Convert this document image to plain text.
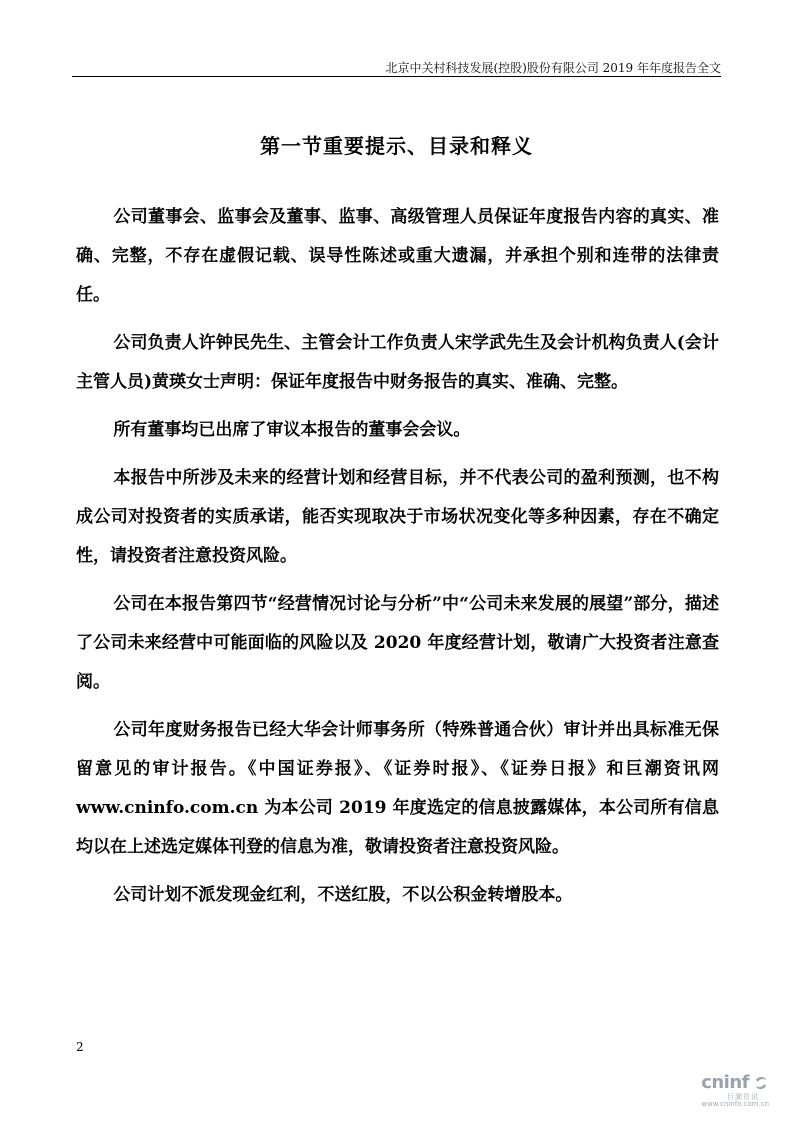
北京中关村科技发展(控股)股份有限公司 2019 年年度报告全文
第一节重要提示、目录和释义

公司董事会、监事会及董事、监事、高级管理人员保证年度报告内容的真实、准确、完整，不存在虚假记载、误导性陈述或重大遗漏，并承担个别和连带的法律责任。

公司负责人许钟民先生、主管会计工作负责人宋学武先生及会计机构负责人(会计主管人员)黄瑛女士声明：保证年度报告中财务报告的真实、准确、完整。

所有董事均已出席了审议本报告的董事会会议。

本报告中所涉及未来的经营计划和经营目标，并不代表公司的盈利预测，也不构成公司对投资者的实质承诺，能否实现取决于市场状况变化等多种因素，存在不确定性，请投资者注意投资风险。

公司在本报告第四节“经营情况讨论与分析”中“公司未来发展的展望”部分，描述了公司未来经营中可能面临的风险以及 2020 年度经营计划，敬请广大投资者注意查阅。

公司年度财务报告已经大华会计师事务所（特殊普通合伙）审计并出具标准无保留意见的审计报告。《中国证券报》、《证券时报》、《证券日报》和巨潮资讯网 www.cninfo.com.cn 为本公司 2019 年度选定的信息披露媒体，本公司所有信息均以在上述选定媒体刊登的信息为准，敬请投资者注意投资风险。

公司计划不派发现金红利，不送红股，不以公积金转增股本。

2
cninf
巨潮资讯
www.cninfo.com.cn
